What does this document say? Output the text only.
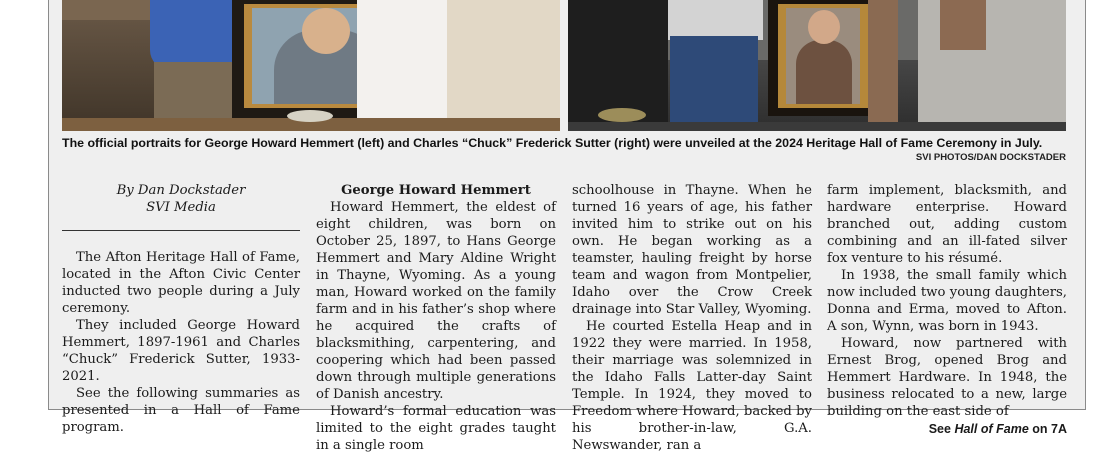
The official portraits for George Howard Hemmert (left) and Charles “Chuck” Frederick Sutter (right) were unveiled at the 2024 Heritage Hall of Fame Ceremony in July.
SVI PHOTOS/DAN DOCKSTADER
By Dan Dockstader
SVI Media

The Afton Heritage Hall of Fame, located in the Afton Civic Center inducted two people during a July ceremony.

They included George Howard Hemmert, 1897-1961 and Charles “Chuck” Frederick Sutter, 1933-2021.

See the following summaries as presented in a Hall of Fame program.

George Howard Hemmert

Howard Hemmert, the eldest of eight children, was born on October 25, 1897, to Hans George Hemmert and Mary Aldine Wright in Thayne, Wyoming. As a young man, Howard worked on the family farm and in his father’s shop where he acquired the crafts of blacksmithing, carpentering, and coopering which had been passed down through multiple generations of Danish ancestry.

Howard’s formal education was limited to the eight grades taught in a single room

schoolhouse in Thayne. When he turned 16 years of age, his father invited him to strike out on his own. He began working as a teamster, hauling freight by horse team and wagon from Montpelier, Idaho over the Crow Creek drainage into Star Valley, Wyoming.

He courted Estella Heap and in 1922 they were married. In 1958, their marriage was solemnized in the Idaho Falls Latter-day Saint Temple. In 1924, they moved to Freedom where Howard, backed by his brother-in-law, G.A. Newswander, ran a

farm implement, blacksmith, and hardware enterprise. Howard branched out, adding custom combining and an ill-fated silver fox venture to his résumé.

In 1938, the small family which now included two young daughters, Donna and Erma, moved to Afton. A son, Wynn, was born in 1943.

Howard, now partnered with Ernest Brog, opened Brog and Hemmert Hardware. In 1948, the business relocated to a new, large building on the east side of

See Hall of Fame on 7A
